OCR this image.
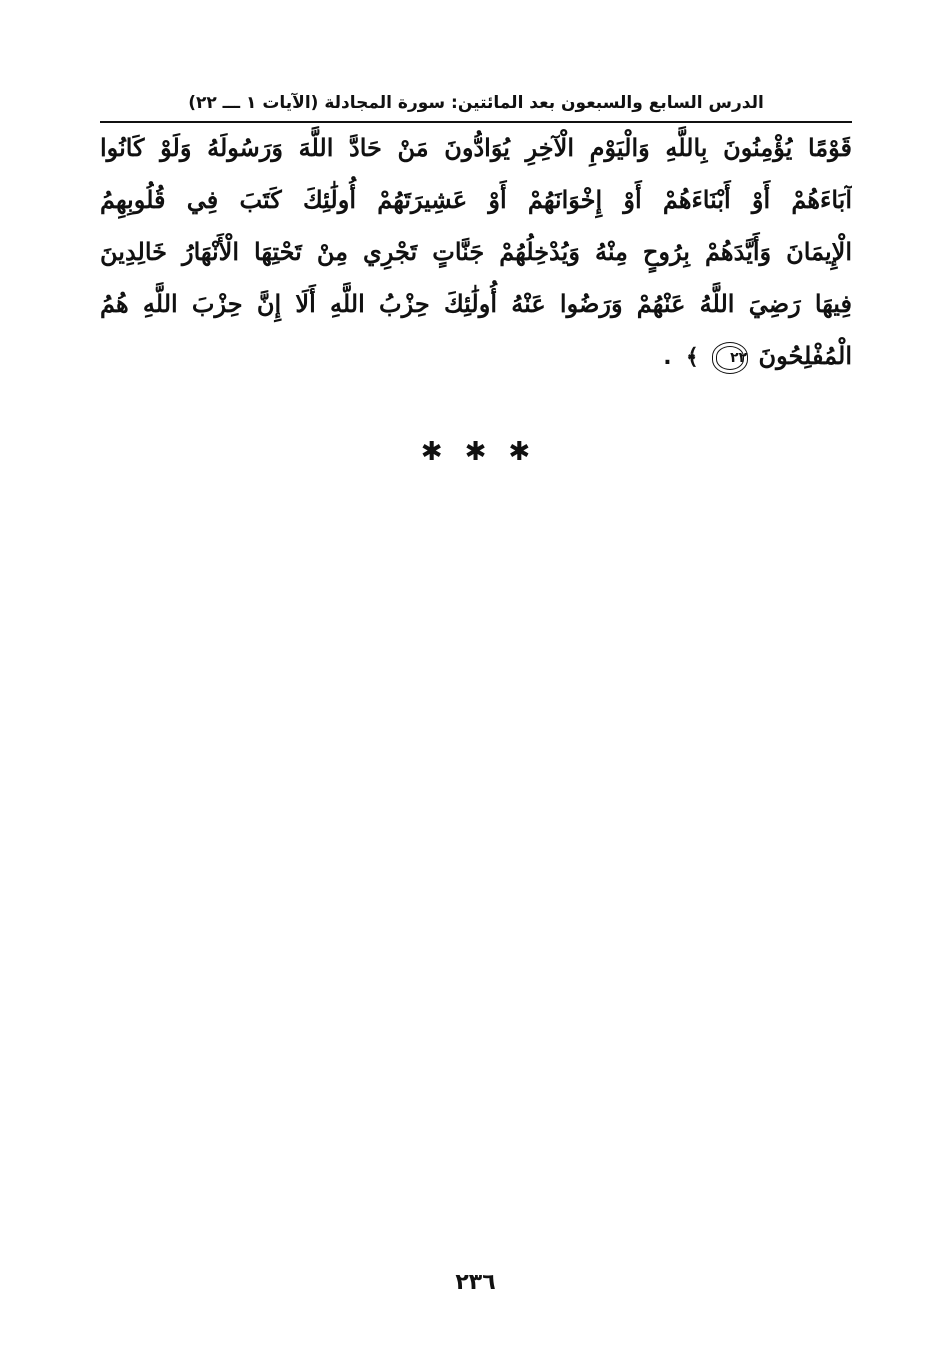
الدرس السابع والسبعون بعد المائتين: سورة المجادلة (الآيات ١ ـــ ٢٢)
قَوْمًا يُؤْمِنُونَ بِاللَّهِ وَالْيَوْمِ الْآخِرِ يُوَادُّونَ مَنْ حَادَّ اللَّهَ وَرَسُولَهُ وَلَوْ كَانُوا
آبَاءَهُمْ أَوْ أَبْنَاءَهُمْ أَوْ إِخْوَانَهُمْ أَوْ عَشِيرَتَهُمْ أُولَٰئِكَ كَتَبَ فِي قُلُوبِهِمُ
الْإِيمَانَ وَأَيَّدَهُمْ بِرُوحٍ مِنْهُ وَيُدْخِلُهُمْ جَنَّاتٍ تَجْرِي مِنْ تَحْتِهَا الْأَنْهَارُ خَالِدِينَ
فِيهَا رَضِيَ اللَّهُ عَنْهُمْ وَرَضُوا عَنْهُ أُولَٰئِكَ حِزْبُ اللَّهِ أَلَا إِنَّ حِزْبَ اللَّهِ هُمُ
الْمُفْلِحُونَ ٢٢ ﴾ .
✱ ✱ ✱
٢٣٦
